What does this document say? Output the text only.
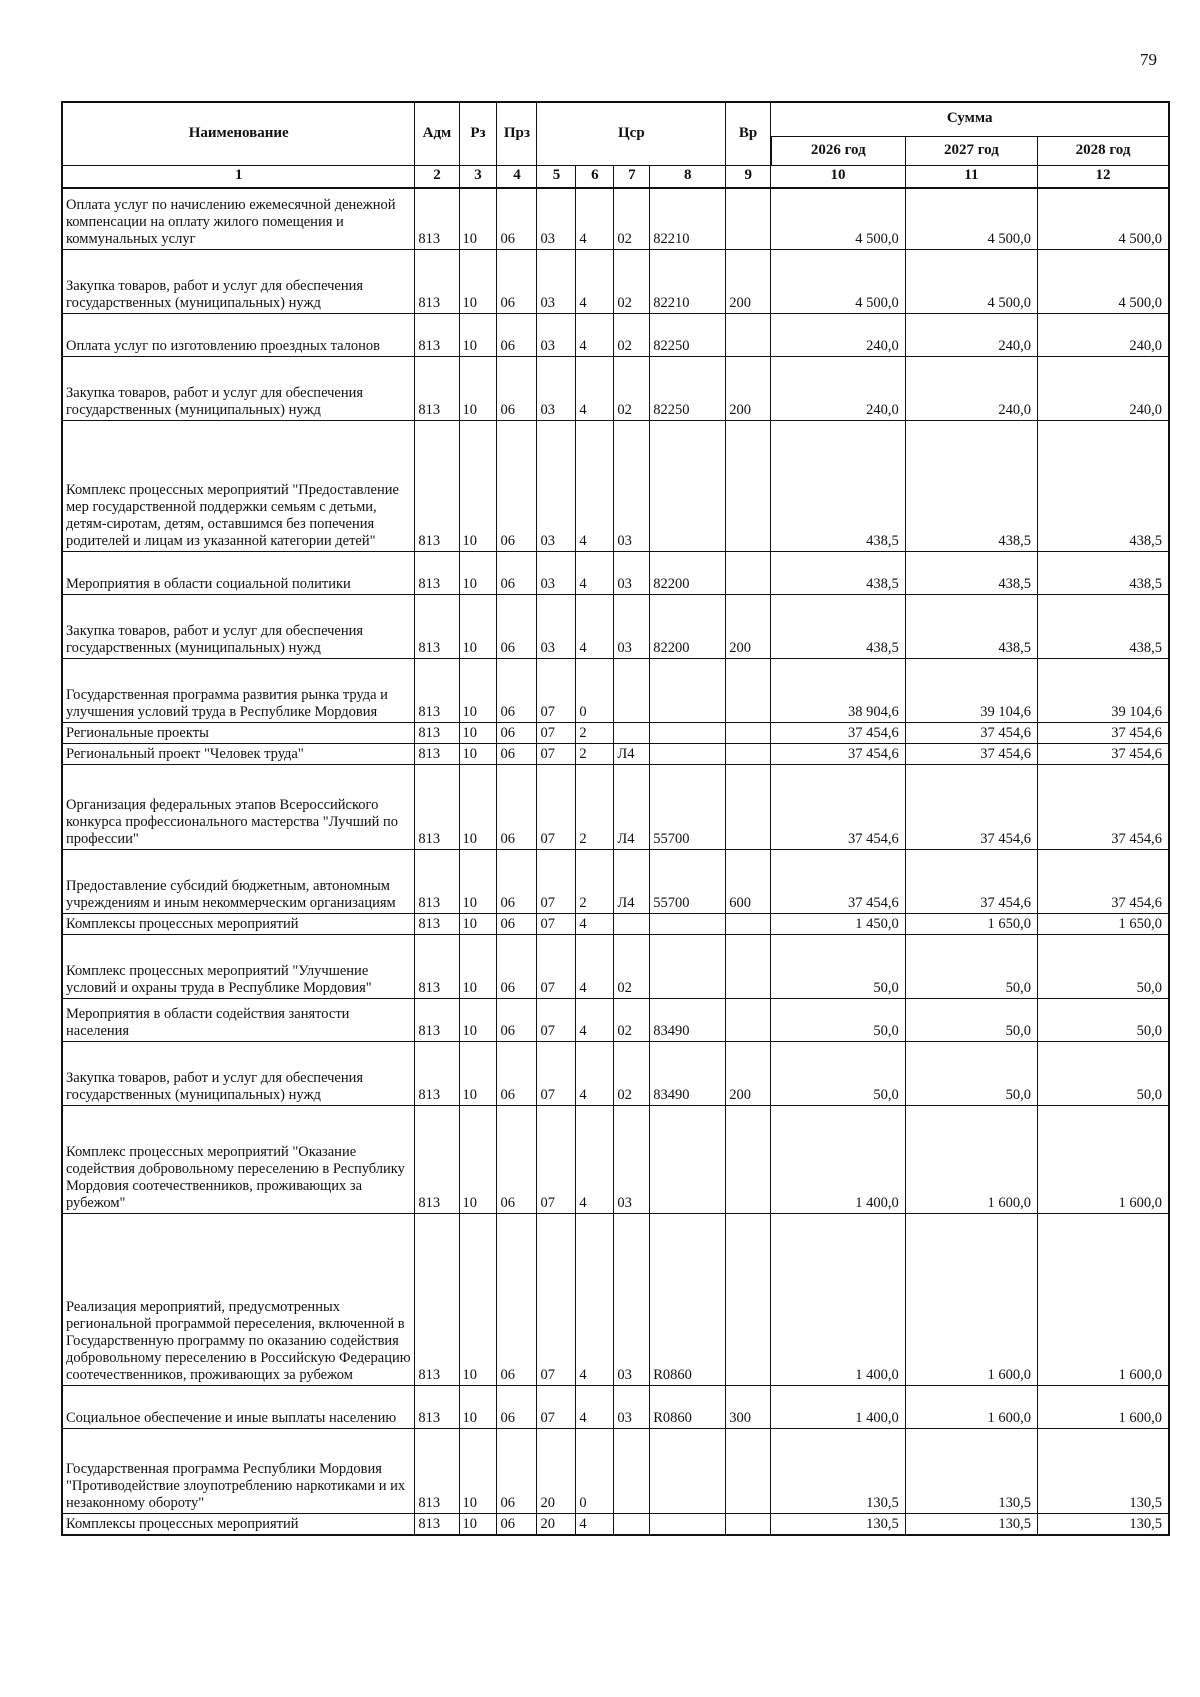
79
Наименование	Адм	Рз	Прз	Цср				Вр	Сумма		
									2026 год	2027 год	2028 год
1	2	3	4	5	6	7	8	9	10	11	12
Оплата услуг по начислению ежемесячной денежной компенсации на оплату жилого помещения и коммунальных услуг	813	10	06	03	4	02	82210		4 500,0	4 500,0	4 500,0
Закупка товаров, работ и услуг для обеспечения государственных (муниципальных) нужд	813	10	06	03	4	02	82210	200	4 500,0	4 500,0	4 500,0
Оплата услуг по изготовлению проездных талонов	813	10	06	03	4	02	82250		240,0	240,0	240,0
Закупка товаров, работ и услуг для обеспечения государственных (муниципальных) нужд	813	10	06	03	4	02	82250	200	240,0	240,0	240,0
Комплекс процессных мероприятий "Предоставление мер государственной поддержки семьям с детьми, детям-сиротам, детям, оставшимся без попечения родителей и лицам из указанной категории детей"	813	10	06	03	4	03			438,5	438,5	438,5
Мероприятия в области социальной политики	813	10	06	03	4	03	82200		438,5	438,5	438,5
Закупка товаров, работ и услуг для обеспечения государственных (муниципальных) нужд	813	10	06	03	4	03	82200	200	438,5	438,5	438,5
Государственная программа развития рынка труда и улучшения условий труда в Республике Мордовия	813	10	06	07	0				38 904,6	39 104,6	39 104,6
Региональные проекты	813	10	06	07	2				37 454,6	37 454,6	37 454,6
Региональный проект "Человек труда"	813	10	06	07	2	Л4			37 454,6	37 454,6	37 454,6
Организация федеральных этапов Всероссийского конкурса профессионального мастерства "Лучший по профессии"	813	10	06	07	2	Л4	55700		37 454,6	37 454,6	37 454,6
Предоставление субсидий бюджетным, автономным учреждениям и иным некоммерческим организациям	813	10	06	07	2	Л4	55700	600	37 454,6	37 454,6	37 454,6
Комплексы процессных мероприятий	813	10	06	07	4				1 450,0	1 650,0	1 650,0
Комплекс процессных мероприятий "Улучшение условий и охраны труда в Республике Мордовия"	813	10	06	07	4	02			50,0	50,0	50,0
Мероприятия в области содействия занятости населения	813	10	06	07	4	02	83490		50,0	50,0	50,0
Закупка товаров, работ и услуг для обеспечения государственных (муниципальных) нужд	813	10	06	07	4	02	83490	200	50,0	50,0	50,0
Комплекс процессных мероприятий "Оказание содействия добровольному переселению в Республику Мордовия соотечественников, проживающих за рубежом"	813	10	06	07	4	03			1 400,0	1 600,0	1 600,0
Реализация мероприятий, предусмотренных региональной программой переселения, включенной в Государственную программу по оказанию содействия добровольному переселению в Российскую Федерацию соотечественников, проживающих за рубежом	813	10	06	07	4	03	R0860		1 400,0	1 600,0	1 600,0
Социальное обеспечение и иные выплаты населению	813	10	06	07	4	03	R0860	300	1 400,0	1 600,0	1 600,0
Государственная программа Республики Мордовия "Противодействие злоупотреблению наркотиками и их незаконному обороту"	813	10	06	20	0				130,5	130,5	130,5
Комплексы процессных мероприятий	813	10	06	20	4				130,5	130,5	130,5
